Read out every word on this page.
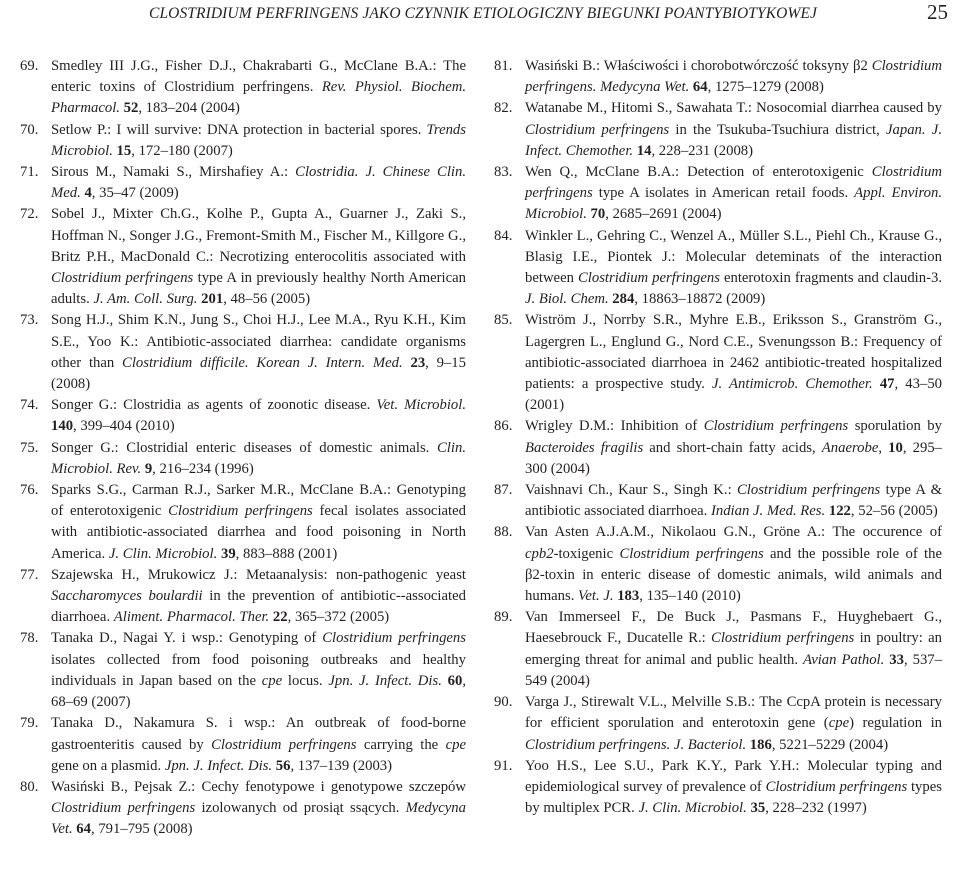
CLOSTRIDIUM PERFRINGENS JAKO CZYNNIK ETIOLOGICZNY BIEGUNKI POANTYBIOTYKOWEJ	25
69. Smedley III J.G., Fisher D.J., Chakrabarti G., McClane B.A.: The enteric toxins of Clostridium perfringens. Rev. Physiol. Biochem. Pharmacol. 52, 183–204 (2004)
70. Setlow P.: I will survive: DNA protection in bacterial spores. Trends Microbiol. 15, 172–180 (2007)
71. Sirous M., Namaki S., Mirshafiey A.: Clostridia. J. Chinese Clin. Med. 4, 35–47 (2009)
72. Sobel J., Mixter Ch.G., Kolhe P., Gupta A., Guarner J., Zaki S., Hoffman N., Songer J.G., Fremont-Smith M., Fischer M., Killgore G., Britz P.H., MacDonald C.: Necrotizing enterocolitis associated with Clostridium perfringens type A in previously healthy North American adults. J. Am. Coll. Surg. 201, 48–56 (2005)
73. Song H.J., Shim K.N., Jung S., Choi H.J., Lee M.A., Ryu K.H., Kim S.E., Yoo K.: Antibiotic-associated diarrhea: candidate organisms other than Clostridium difficile. Korean J. Intern. Med. 23, 9–15 (2008)
74. Songer G.: Clostridia as agents of zoonotic disease. Vet. Microbiol. 140, 399–404 (2010)
75. Songer G.: Clostridial enteric diseases of domestic animals. Clin. Microbiol. Rev. 9, 216–234 (1996)
76. Sparks S.G., Carman R.J., Sarker M.R., McClane B.A.: Genotyping of enterotoxigenic Clostridium perfringens fecal isolates associated with antibiotic-associated diarrhea and food poisoning in North America. J. Clin. Microbiol. 39, 883–888 (2001)
77. Szajewska H., Mrukowicz J.: Metaanalysis: non-pathogenic yeast Saccharomyces boulardii in the prevention of antibiotic-‑associated diarrhoea. Aliment. Pharmacol. Ther. 22, 365–372 (2005)
78. Tanaka D., Nagai Y. i wsp.: Genotyping of Clostridium perfringens isolates collected from food poisoning outbreaks and healthy individuals in Japan based on the cpe locus. Jpn. J. Infect. Dis. 60, 68–69 (2007)
79. Tanaka D., Nakamura S. i wsp.: An outbreak of food-borne gastroenteritis caused by Clostridium perfringens carrying the cpe gene on a plasmid. Jpn. J. Infect. Dis. 56, 137–139 (2003)
80. Wasiński B., Pejsak Z.: Cechy fenotypowe i genotypowe szczepów Clostridium perfringens izolowanych od prosiąt ssących. Medycyna Vet. 64, 791–795 (2008)
81. Wasiński B.: Właściwości i chorobotwórczość toksyny β2 Clostridium perfringens. Medycyna Wet. 64, 1275–1279 (2008)
82. Watanabe M., Hitomi S., Sawahata T.: Nosocomial diarrhea caused by Clostridium perfringens in the Tsukuba-Tsuchiura district, Japan. J. Infect. Chemother. 14, 228–231 (2008)
83. Wen Q., McClane B.A.: Detection of enterotoxigenic Clostridium perfringens type A isolates in American retail foods. Appl. Environ. Microbiol. 70, 2685–2691 (2004)
84. Winkler L., Gehring C., Wenzel A., Müller S.L., Piehl Ch., Krause G., Blasig I.E., Piontek J.: Molecular deteminats of the interaction between Clostridium perfringens enterotoxin fragments and claudin-3. J. Biol. Chem. 284, 18863–18872 (2009)
85. Wiström J., Norrby S.R., Myhre E.B., Eriksson S., Granström G., Lagergren L., Englund G., Nord C.E., Svenungsson B.: Frequency of antibiotic-associated diarrhoea in 2462 antibiotic-treated hospitalized patients: a prospective study. J. Antimicrob. Chemother. 47, 43–50 (2001)
86. Wrigley D.M.: Inhibition of Clostridium perfringens sporulation by Bacteroides fragilis and short-chain fatty acids, Anaerobe, 10, 295–300 (2004)
87. Vaishnavi Ch., Kaur S., Singh K.: Clostridium perfringens type A & antibiotic associated diarrhoea. Indian J. Med. Res. 122, 52–56 (2005)
88. Van Asten A.J.A.M., Nikolaou G.N., Gröne A.: The occurence of cpb2-toxigenic Clostridium perfringens and the possible role of the β2-toxin in enteric disease of domestic animals, wild animals and humans. Vet. J. 183, 135–140 (2010)
89. Van Immerseel F., De Buck J., Pasmans F., Huyghebaert G., Haesebrouck F., Ducatelle R.: Clostridium perfringens in poultry: an emerging threat for animal and public health. Avian Pathol. 33, 537–549 (2004)
90. Varga J., Stirewalt V.L., Melville S.B.: The CcpA protein is necessary for efficient sporulation and enterotoxin gene (cpe) regulation in Clostridium perfringens. J. Bacteriol. 186, 5221–5229 (2004)
91. Yoo H.S., Lee S.U., Park K.Y., Park Y.H.: Molecular typing and epidemiological survey of prevalence of Clostridium perfringens types by multiplex PCR. J. Clin. Microbiol. 35, 228–232 (1997)
